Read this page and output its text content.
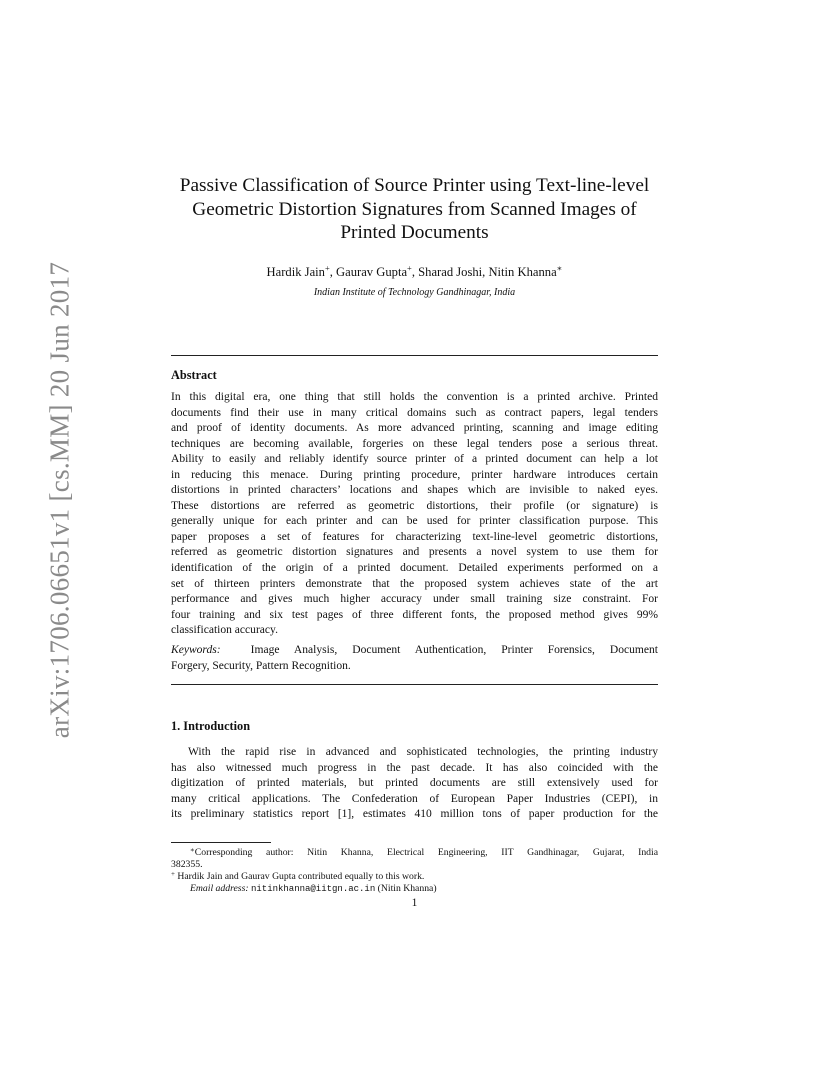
arXiv:1706.06651v1 [cs.MM] 20 Jun 2017
Passive Classification of Source Printer using Text-line-level
Geometric Distortion Signatures from Scanned Images of
Printed Documents
Hardik Jain+, Gaurav Gupta+, Sharad Joshi, Nitin Khanna∗
Indian Institute of Technology Gandhinagar, India
Abstract
In this digital era, one thing that still holds the convention is a printed archive. Printed
documents find their use in many critical domains such as contract papers, legal tenders
and proof of identity documents. As more advanced printing, scanning and image editing
techniques are becoming available, forgeries on these legal tenders pose a serious threat.
Ability to easily and reliably identify source printer of a printed document can help a lot
in reducing this menace. During printing procedure, printer hardware introduces certain
distortions in printed characters’ locations and shapes which are invisible to naked eyes.
These distortions are referred as geometric distortions, their profile (or signature) is
generally unique for each printer and can be used for printer classification purpose. This
paper proposes a set of features for characterizing text-line-level geometric distortions,
referred as geometric distortion signatures and presents a novel system to use them for
identification of the origin of a printed document. Detailed experiments performed on a
set of thirteen printers demonstrate that the proposed system achieves state of the art
performance and gives much higher accuracy under small training size constraint. For
four training and six test pages of three different fonts, the proposed method gives 99%
classification accuracy.
Keywords:	Image Analysis, Document Authentication, Printer Forensics, Document
Forgery, Security, Pattern Recognition.
1. Introduction
With the rapid rise in advanced and sophisticated technologies, the printing industry
has also witnessed much progress in the past decade. It has also coincided with the
digitization of printed materials, but printed documents are still extensively used for
many critical applications. The Confederation of European Paper Industries (CEPI), in
its preliminary statistics report [1], estimates 410 million tons of paper production for the
∗Corresponding author: Nitin Khanna, Electrical Engineering, IIT Gandhinagar, Gujarat, India
382355.
+ Hardik Jain and Gaurav Gupta contributed equally to this work.
Email address: nitinkhanna@iitgn.ac.in (Nitin Khanna)
1
